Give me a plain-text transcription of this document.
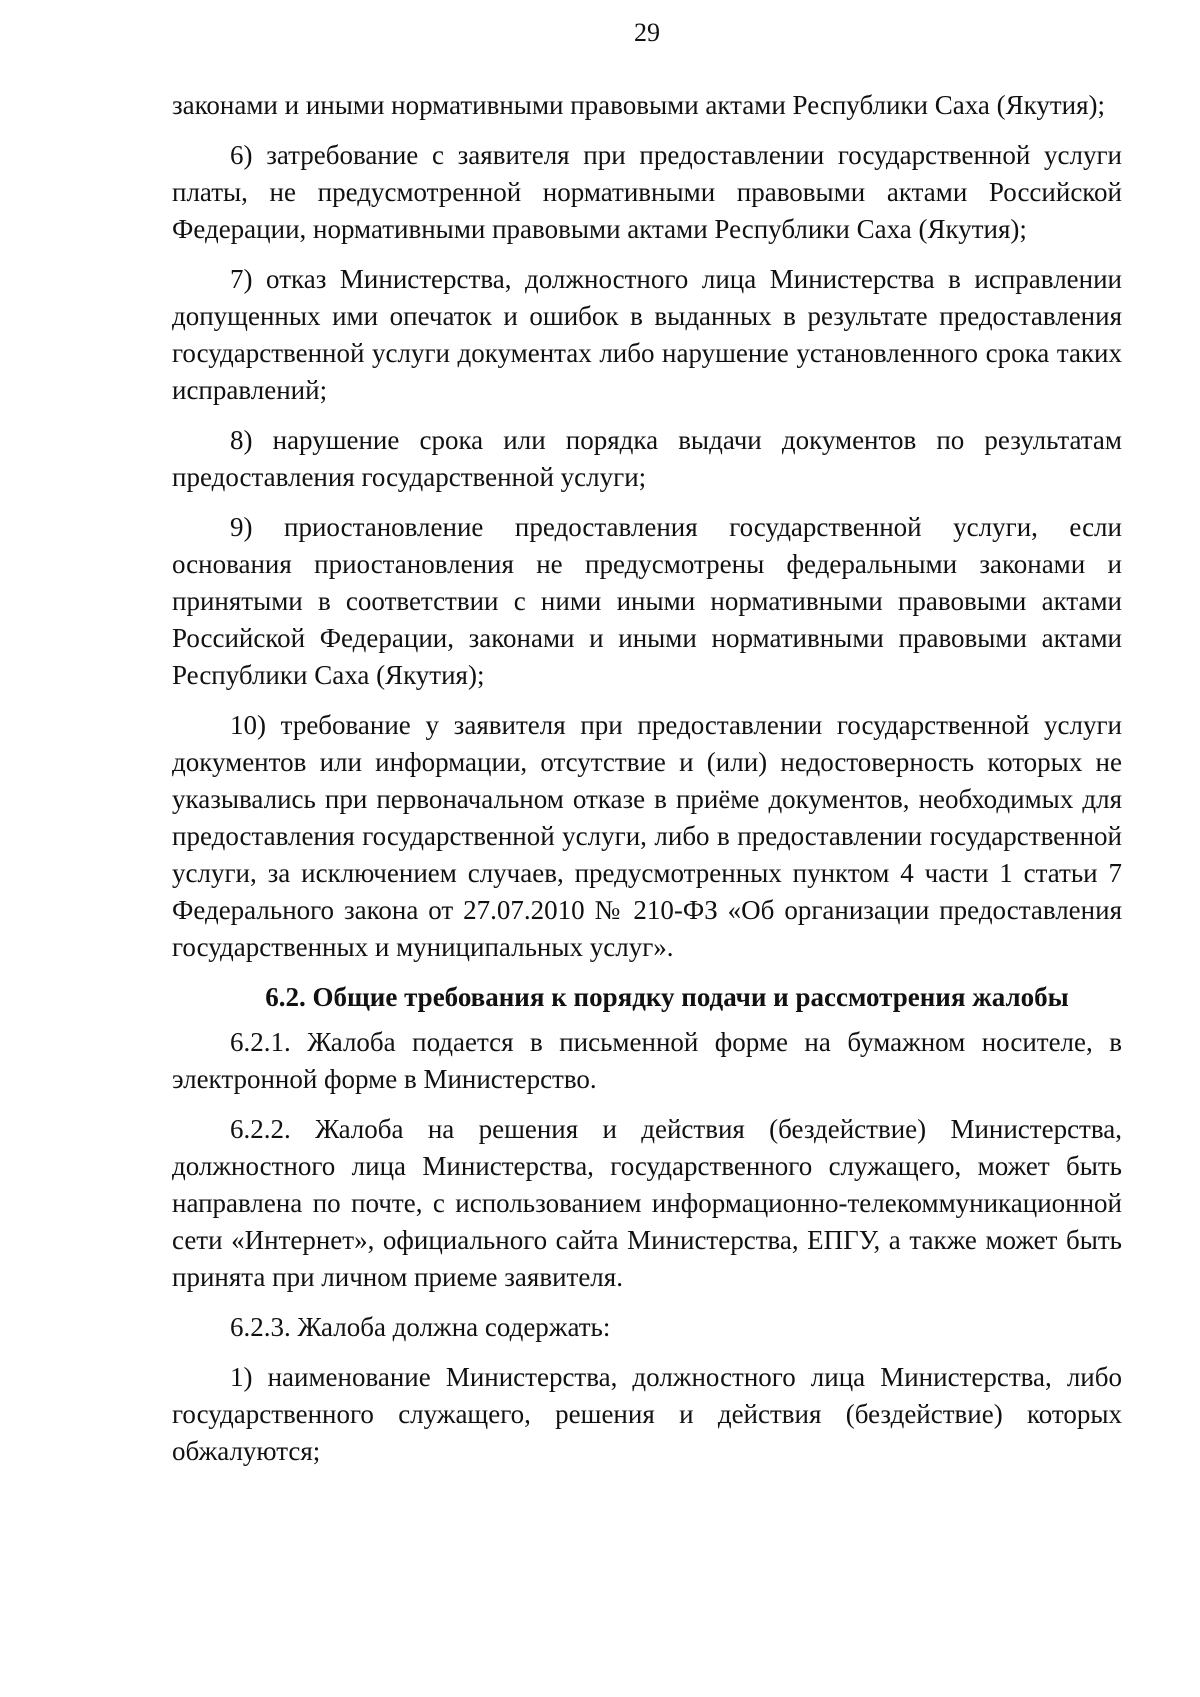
29

законами и иными нормативными правовыми актами Республики Саха (Якутия);

6) затребование с заявителя при предоставлении государственной услуги платы, не предусмотренной нормативными правовыми актами Российской Федерации, нормативными правовыми актами Республики Саха (Якутия);

7) отказ Министерства, должностного лица Министерства в исправлении допущенных ими опечаток и ошибок в выданных в результате предоставления государственной услуги документах либо нарушение установленного срока таких исправлений;

8) нарушение срока или порядка выдачи документов по результатам предоставления государственной услуги;

9) приостановление предоставления государственной услуги, если основания приостановления не предусмотрены федеральными законами и принятыми в соответствии с ними иными нормативными правовыми актами Российской Федерации, законами и иными нормативными правовыми актами Республики Саха (Якутия);

10) требование у заявителя при предоставлении государственной услуги документов или информации, отсутствие и (или) недостоверность которых не указывались при первоначальном отказе в приёме документов, необходимых для предоставления государственной услуги, либо в предоставлении государственной услуги, за исключением случаев, предусмотренных пунктом 4 части 1 статьи 7 Федерального закона от 27.07.2010 № 210-ФЗ «Об организации предоставления государственных и муниципальных услуг».

6.2. Общие требования к порядку подачи и рассмотрения жалобы

6.2.1. Жалоба подается в письменной форме на бумажном носителе, в электронной форме в Министерство.

6.2.2. Жалоба на решения и действия (бездействие) Министерства, должностного лица Министерства, государственного служащего, может быть направлена по почте, с использованием информационно-телекоммуникационной сети «Интернет», официального сайта Министерства, ЕПГУ, а также может быть принята при личном приеме заявителя.

6.2.3. Жалоба должна содержать:

1) наименование Министерства, должностного лица Министерства, либо государственного служащего, решения и действия (бездействие) которых обжалуются;
